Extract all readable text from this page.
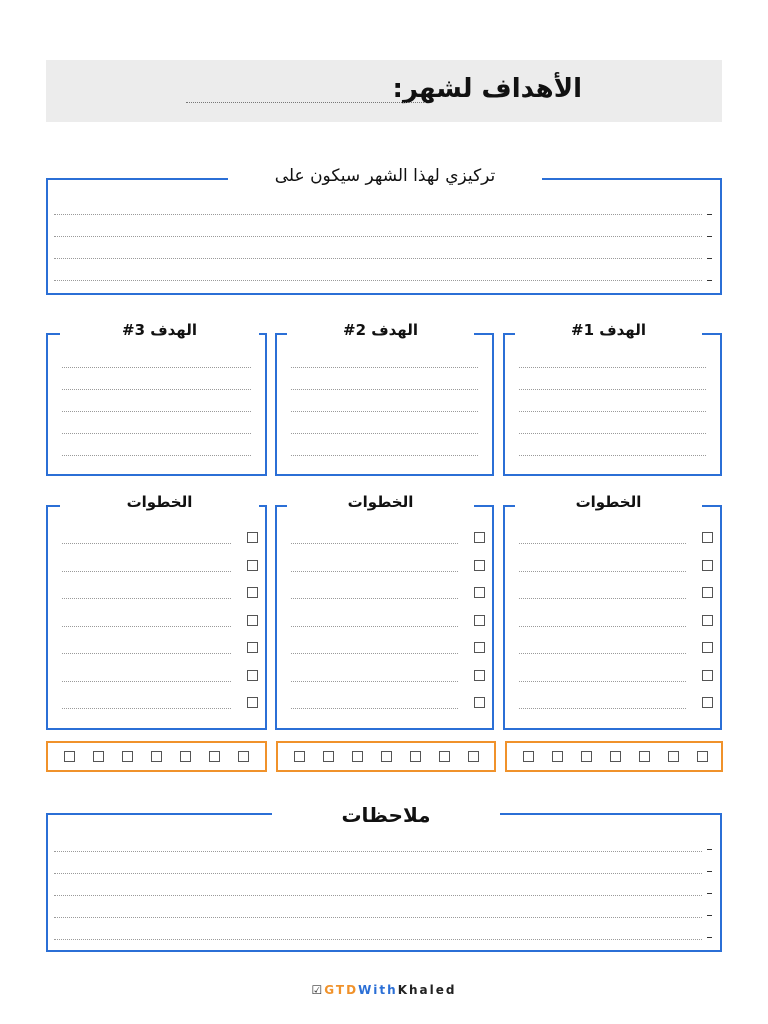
الأهداف لشهر:
تركيزي لهذا الشهر سيكون على
الهدف 1#
الهدف 2#
الهدف 3#
الخطوات
الخطوات
الخطوات
ملاحظات
☑GTDWithKhaled
